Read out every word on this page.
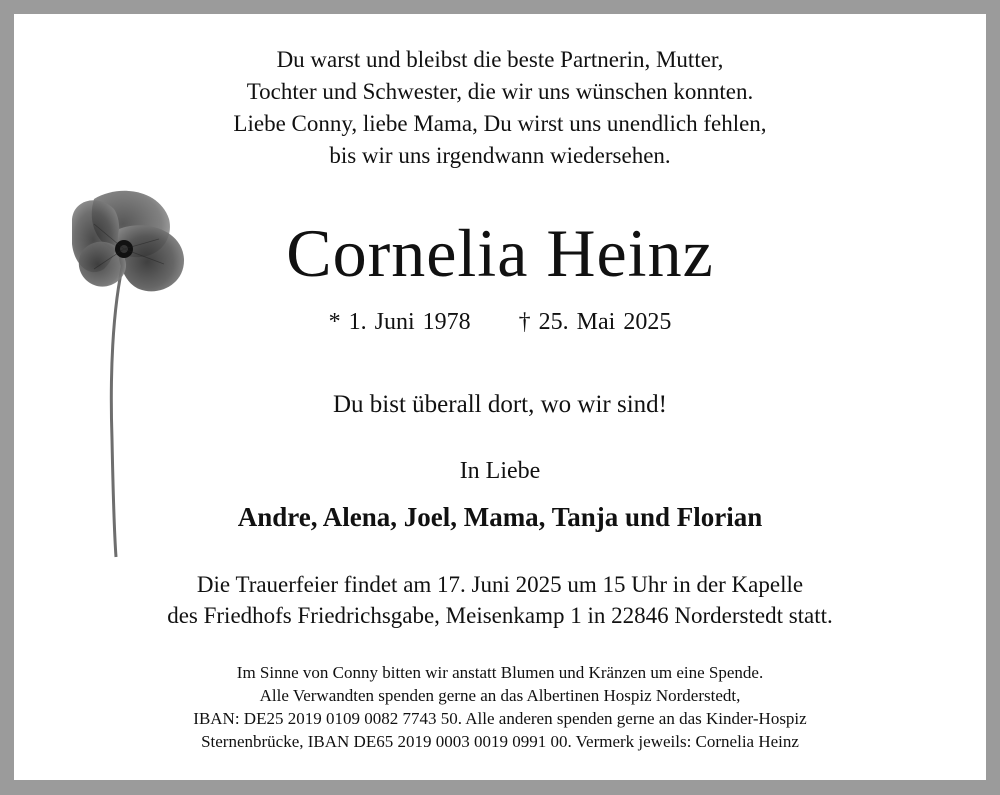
Du warst und bleibst die beste Partnerin, Mutter,
Tochter und Schwester, die wir uns wünschen konnten.
Liebe Conny, liebe Mama, Du wirst uns unendlich fehlen,
bis wir uns irgendwann wiedersehen.
Cornelia Heinz
* 1. Juni 1978 † 25. Mai 2025
Du bist überall dort, wo wir sind!
In Liebe
Andre, Alena, Joel, Mama, Tanja und Florian
Die Trauerfeier findet am 17. Juni 2025 um 15 Uhr in der Kapelle
des Friedhofs Friedrichsgabe, Meisenkamp 1 in 22846 Norderstedt statt.
Im Sinne von Conny bitten wir anstatt Blumen und Kränzen um eine Spende.
Alle Verwandten spenden gerne an das Albertinen Hospiz Norderstedt,
IBAN: DE25 2019 0109 0082 7743 50. Alle anderen spenden gerne an das Kinder-Hospiz
Sternenbrücke, IBAN DE65 2019 0003 0019 0991 00. Vermerk jeweils: Cornelia Heinz
